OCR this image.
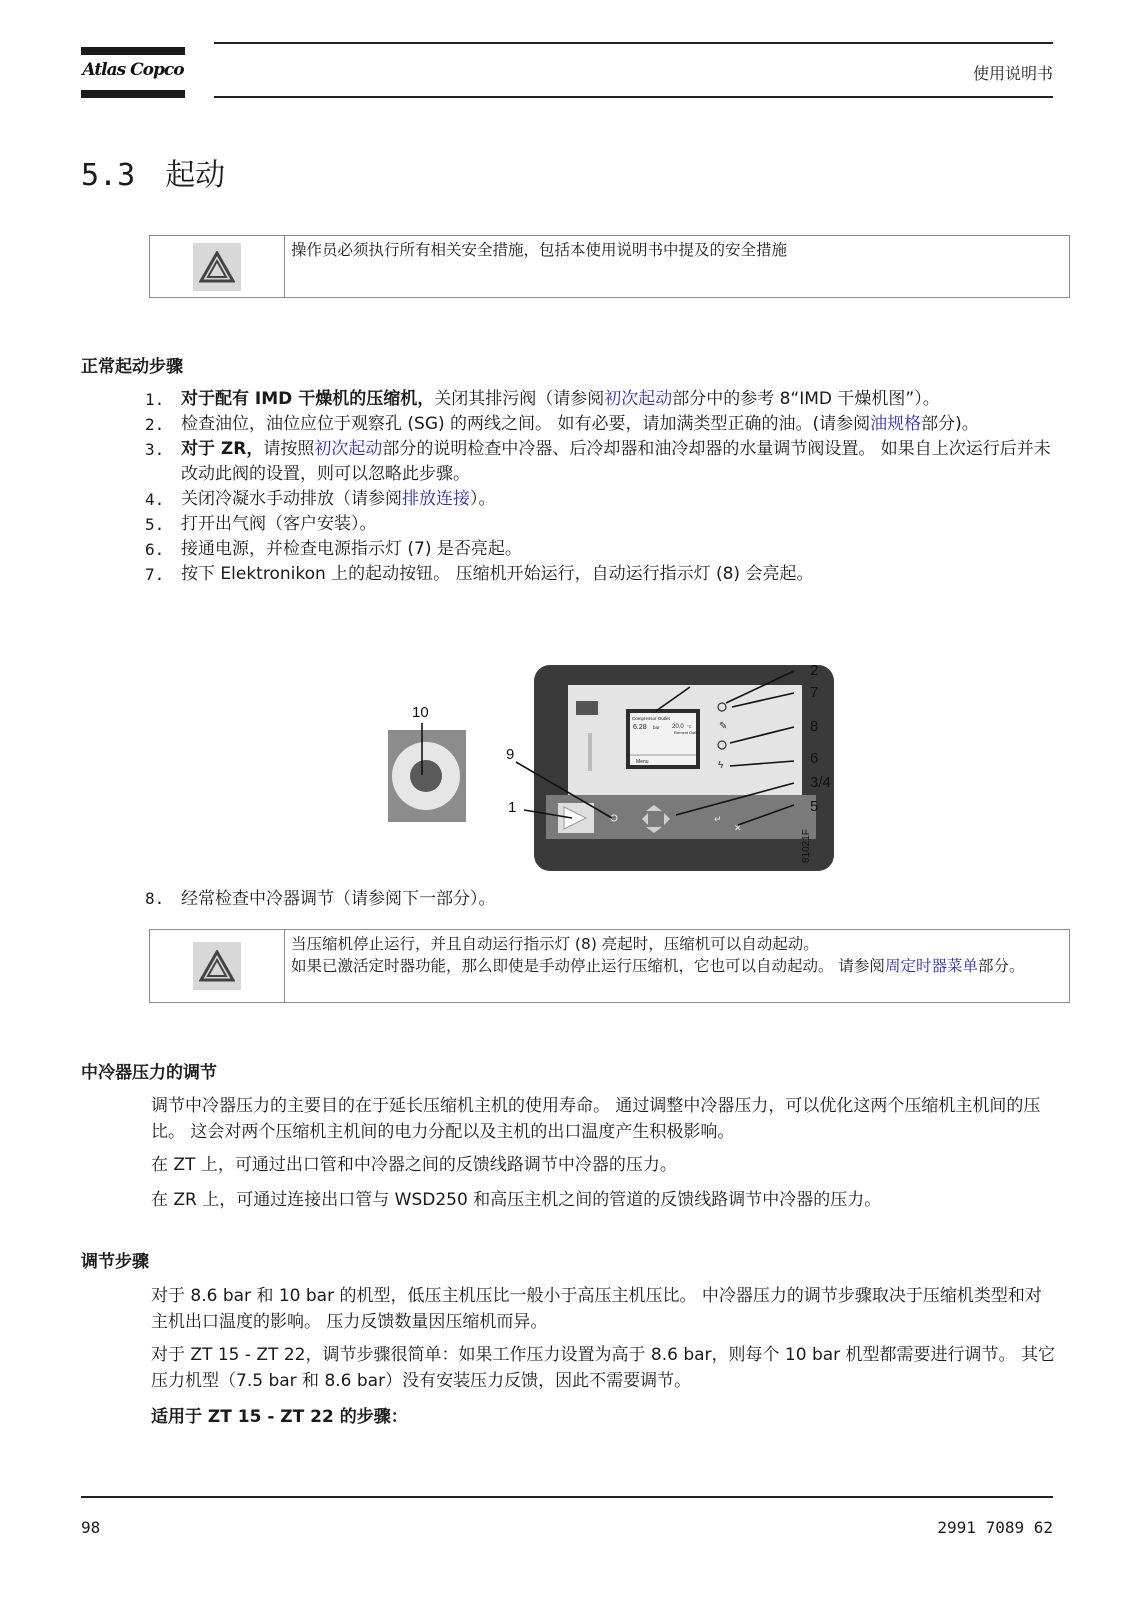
Atlas Copco	使用说明书
5.3 起动
操作员必须执行所有相关安全措施，包括本使用说明书中提及的安全措施
正常起动步骤
1. 对于配有 IMD 干燥机的压缩机，关闭其排污阀（请参阅初次起动部分中的参考 8“IMD 干燥机图”）。
2. 检查油位，油位应位于观察孔 (SG) 的两线之间。 如有必要，请加满类型正确的油。(请参阅油规格部分)。
3. 对于 ZR，请按照初次起动部分的说明检查中冷器、后冷却器和油冷却器的水量调节阀设置。 如果自上次运行后并未改动此阀的设置，则可以忽略此步骤。
4. 关闭冷凝水手动排放（请参阅排放连接）。
5. 打开出气阀（客户安装）。
6. 接通电源，并检查电源指示灯 (7) 是否亮起。
7. 按下 Elektronikon 上的起动按钮。 压缩机开始运行，自动运行指示灯 (8) 会亮起。
Compressor Outlet
6.28 bar 20.0 °C
Element Outlet
Menu
✎
ϟ
↵
✕
2
7
8
6
3/4
5
10
9
1
81021F
8. 经常检查中冷器调节（请参阅下一部分）。
当压缩机停止运行，并且自动运行指示灯 (8) 亮起时，压缩机可以自动起动。
如果已激活定时器功能，那么即使是手动停止运行压缩机，它也可以自动起动。 请参阅周定时器菜单部分。
中冷器压力的调节

调节中冷器压力的主要目的在于延长压缩机主机的使用寿命。 通过调整中冷器压力，可以优化这两个压缩机主机间的压比。 这会对两个压缩机主机间的电力分配以及主机的出口温度产生积极影响。

在 ZT 上，可通过出口管和中冷器之间的反馈线路调节中冷器的压力。

在 ZR 上，可通过连接出口管与 WSD250 和高压主机之间的管道的反馈线路调节中冷器的压力。

调节步骤

对于 8.6 bar 和 10 bar 的机型，低压主机压比一般小于高压主机压比。 中冷器压力的调节步骤取决于压缩机类型和对主机出口温度的影响。 压力反馈数量因压缩机而异。

对于 ZT 15 - ZT 22，调节步骤很简单：如果工作压力设置为高于 8.6 bar，则每个 10 bar 机型都需要进行调节。 其它压力机型（7.5 bar 和 8.6 bar）没有安装压力反馈，因此不需要调节。

适用于 ZT 15 - ZT 22 的步骤：

98	2991 7089 62
